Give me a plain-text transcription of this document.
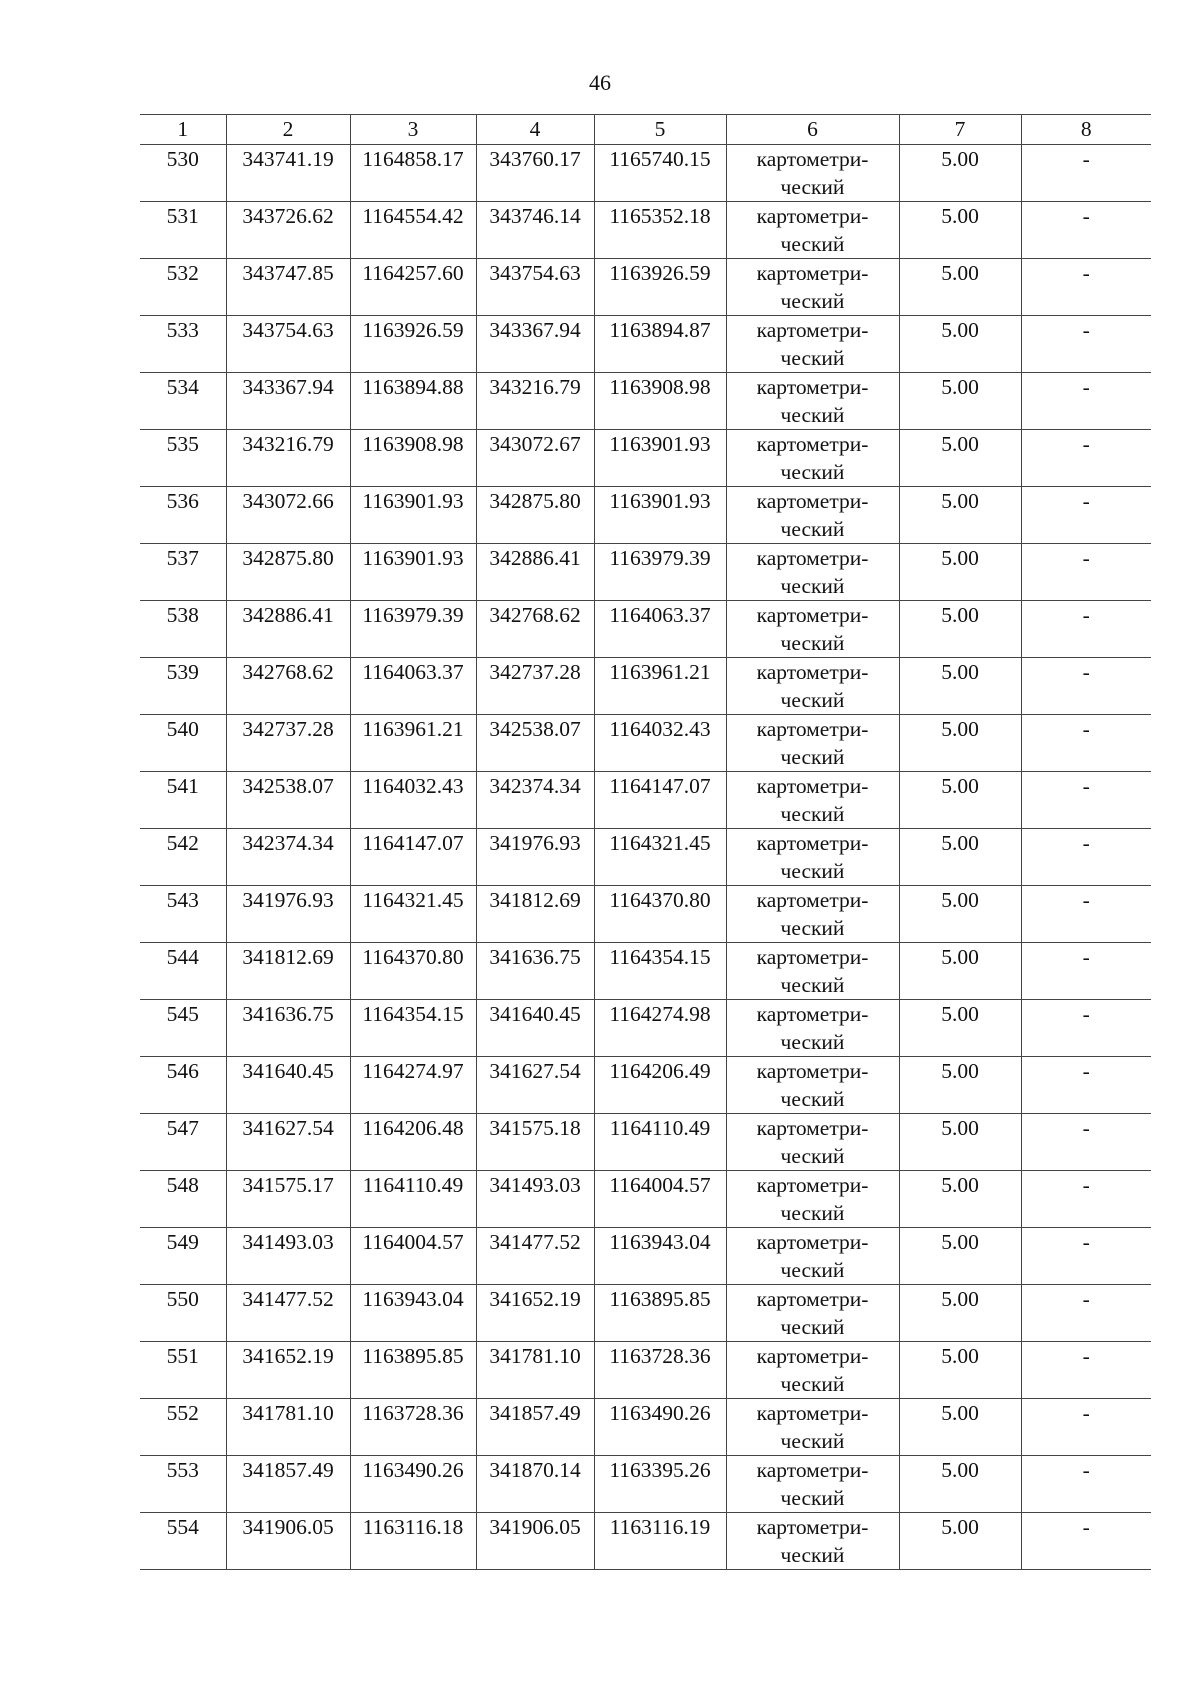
46
1	2	3	4	5	6	7	8
530	343741.19	1164858.17	343760.17	1165740.15	картометри-
ческий	5.00	-
531	343726.62	1164554.42	343746.14	1165352.18	картометри-
ческий	5.00	-
532	343747.85	1164257.60	343754.63	1163926.59	картометри-
ческий	5.00	-
533	343754.63	1163926.59	343367.94	1163894.87	картометри-
ческий	5.00	-
534	343367.94	1163894.88	343216.79	1163908.98	картометри-
ческий	5.00	-
535	343216.79	1163908.98	343072.67	1163901.93	картометри-
ческий	5.00	-
536	343072.66	1163901.93	342875.80	1163901.93	картометри-
ческий	5.00	-
537	342875.80	1163901.93	342886.41	1163979.39	картометри-
ческий	5.00	-
538	342886.41	1163979.39	342768.62	1164063.37	картометри-
ческий	5.00	-
539	342768.62	1164063.37	342737.28	1163961.21	картометри-
ческий	5.00	-
540	342737.28	1163961.21	342538.07	1164032.43	картометри-
ческий	5.00	-
541	342538.07	1164032.43	342374.34	1164147.07	картометри-
ческий	5.00	-
542	342374.34	1164147.07	341976.93	1164321.45	картометри-
ческий	5.00	-
543	341976.93	1164321.45	341812.69	1164370.80	картометри-
ческий	5.00	-
544	341812.69	1164370.80	341636.75	1164354.15	картометри-
ческий	5.00	-
545	341636.75	1164354.15	341640.45	1164274.98	картометри-
ческий	5.00	-
546	341640.45	1164274.97	341627.54	1164206.49	картометри-
ческий	5.00	-
547	341627.54	1164206.48	341575.18	1164110.49	картометри-
ческий	5.00	-
548	341575.17	1164110.49	341493.03	1164004.57	картометри-
ческий	5.00	-
549	341493.03	1164004.57	341477.52	1163943.04	картометри-
ческий	5.00	-
550	341477.52	1163943.04	341652.19	1163895.85	картометри-
ческий	5.00	-
551	341652.19	1163895.85	341781.10	1163728.36	картометри-
ческий	5.00	-
552	341781.10	1163728.36	341857.49	1163490.26	картометри-
ческий	5.00	-
553	341857.49	1163490.26	341870.14	1163395.26	картометри-
ческий	5.00	-
554	341906.05	1163116.18	341906.05	1163116.19	картометри-
ческий	5.00	-
